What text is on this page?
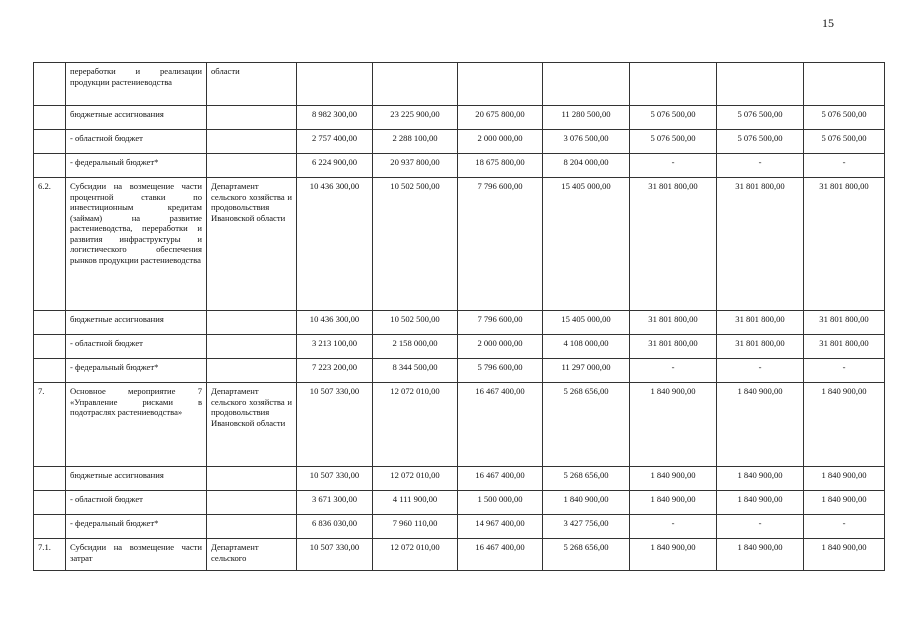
15
	переработки и реализации продукции растениеводства	области							
	бюджетные ассигнования		8 982 300,00	23 225 900,00	20 675 800,00	11 280 500,00	5 076 500,00	5 076 500,00	5 076 500,00
	- областной бюджет		2 757 400,00	2 288 100,00	2 000 000,00	3 076 500,00	5 076 500,00	5 076 500,00	5 076 500,00
	- федеральный бюджет*		6 224 900,00	20 937 800,00	18 675 800,00	8 204 000,00	-	-	-
6.2.	Субсидии на возмещение части процентной ставки по инвестиционным кредитам (займам) на развитие растениеводства, переработки и развития инфраструктуры и логистического обеспечения рынков продукции растениеводства	Департамент сельского хозяйства и продовольствия Ивановской области	10 436 300,00	10 502 500,00	7 796 600,00	15 405 000,00	31 801 800,00	31 801 800,00	31 801 800,00
	бюджетные ассигнования		10 436 300,00	10 502 500,00	7 796 600,00	15 405 000,00	31 801 800,00	31 801 800,00	31 801 800,00
	- областной бюджет		3 213 100,00	2 158 000,00	2 000 000,00	4 108 000,00	31 801 800,00	31 801 800,00	31 801 800,00
	- федеральный бюджет*		7 223 200,00	8 344 500,00	5 796 600,00	11 297 000,00	-	-	-
7.	Основное мероприятие 7 «Управление рисками в подотраслях растениеводства»	Департамент сельского хозяйства и продовольствия Ивановской области	10 507 330,00	12 072 010,00	16 467 400,00	5 268 656,00	1 840 900,00	1 840 900,00	1 840 900,00
	бюджетные ассигнования		10 507 330,00	12 072 010,00	16 467 400,00	5 268 656,00	1 840 900,00	1 840 900,00	1 840 900,00
	- областной бюджет		3 671 300,00	4 111 900,00	1 500 000,00	1 840 900,00	1 840 900,00	1 840 900,00	1 840 900,00
	- федеральный бюджет*		6 836 030,00	7 960 110,00	14 967 400,00	3 427 756,00	-	-	-
7.1.	Субсидии на возмещение части затрат	Департамент сельского	10 507 330,00	12 072 010,00	16 467 400,00	5 268 656,00	1 840 900,00	1 840 900,00	1 840 900,00
